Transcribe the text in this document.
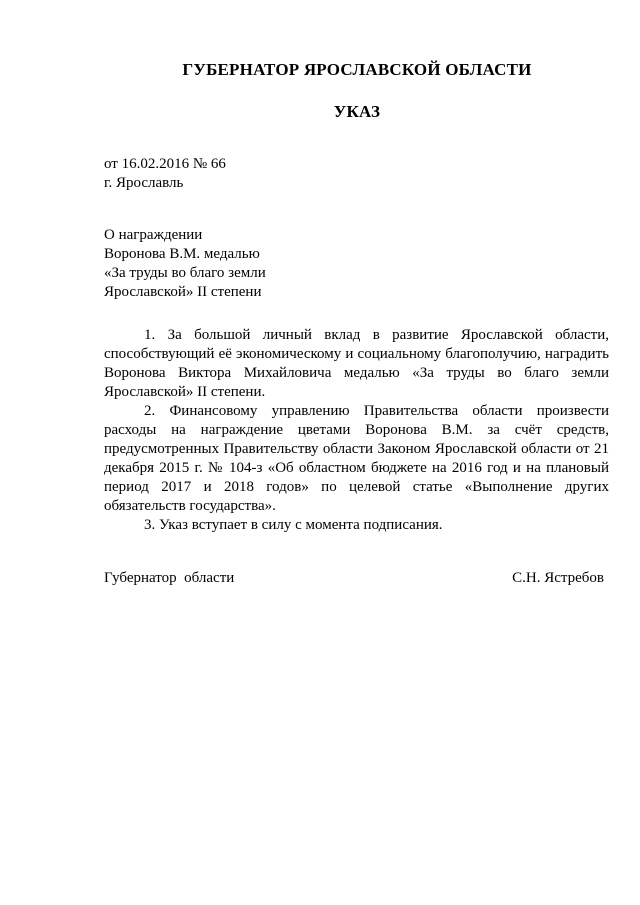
ГУБЕРНАТОР ЯРОСЛАВСКОЙ ОБЛАСТИ
УКАЗ
от 16.02.2016 № 66
г. Ярославль
О награждении
Воронова В.М. медалью
«За труды во благо земли
Ярославской» II степени

1. За большой личный вклад в развитие Ярославской области, способствующий её экономическому и социальному благополучию, наградить Воронова Виктора Михайловича медалью «За труды во благо земли Ярославской» II степени.

2. Финансовому управлению Правительства области произвести расходы на награждение цветами Воронова В.М. за счёт средств, предусмотренных Правительству области Законом Ярославской области от 21 декабря 2015 г. № 104-з «Об областном бюджете на 2016 год и на плановый период 2017 и 2018 годов» по целевой статье «Выполнение других обязательств государства».

3. Указ вступает в силу с момента подписания.

Губернатор  области	С.Н. Ястребов
